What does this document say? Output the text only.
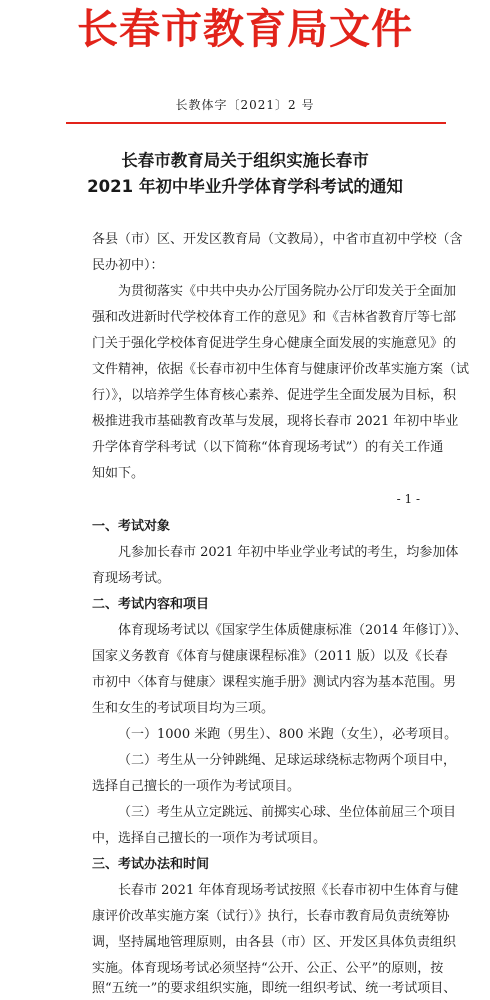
长春市教育局文件
长教体字〔2021〕2 号
长春市教育局关于组织实施长春市
2021 年初中毕业升学体育学科考试的通知
各县（市）区、开发区教育局（文教局），中省市直初中学校（含
民办初中）：
为贯彻落实《中共中央办公厅国务院办公厅印发关于全面加
强和改进新时代学校体育工作的意见》和《吉林省教育厅等七部
门关于强化学校体育促进学生身心健康全面发展的实施意见》的
文件精神，依据《长春市初中生体育与健康评价改革实施方案（试
行）》，以培养学生体育核心素养、促进学生全面发展为目标，积
极推进我市基础教育改革与发展，现将长春市 2021 年初中毕业
升学体育学科考试（以下简称“体育现场考试”）的有关工作通
知如下。
- 1 -
一、考试对象
凡参加长春市 2021 年初中毕业学业考试的考生，均参加体
育现场考试。
二、考试内容和项目
体育现场考试以《国家学生体质健康标准（2014 年修订）》、
国家义务教育《体育与健康课程标准》（2011 版）以及《长春
市初中〈体育与健康〉课程实施手册》测试内容为基本范围。男
生和女生的考试项目均为三项。
（一）1000 米跑（男生）、800 米跑（女生），必考项目。
（二）考生从一分钟跳绳、足球运球绕标志物两个项目中，
选择自己擅长的一项作为考试项目。
（三）考生从立定跳远、前掷实心球、坐位体前屈三个项目
中，选择自己擅长的一项作为考试项目。
三、考试办法和时间
长春市 2021 年体育现场考试按照《长春市初中生体育与健
康评价改革实施方案（试行）》执行，长春市教育局负责统筹协
调，坚持属地管理原则，由各县（市）区、开发区具体负责组织
实施。体育现场考试必须坚持“公开、公正、公平”的原则，按
照“五统一”的要求组织实施，即统一组织考试、统一考试项目、
